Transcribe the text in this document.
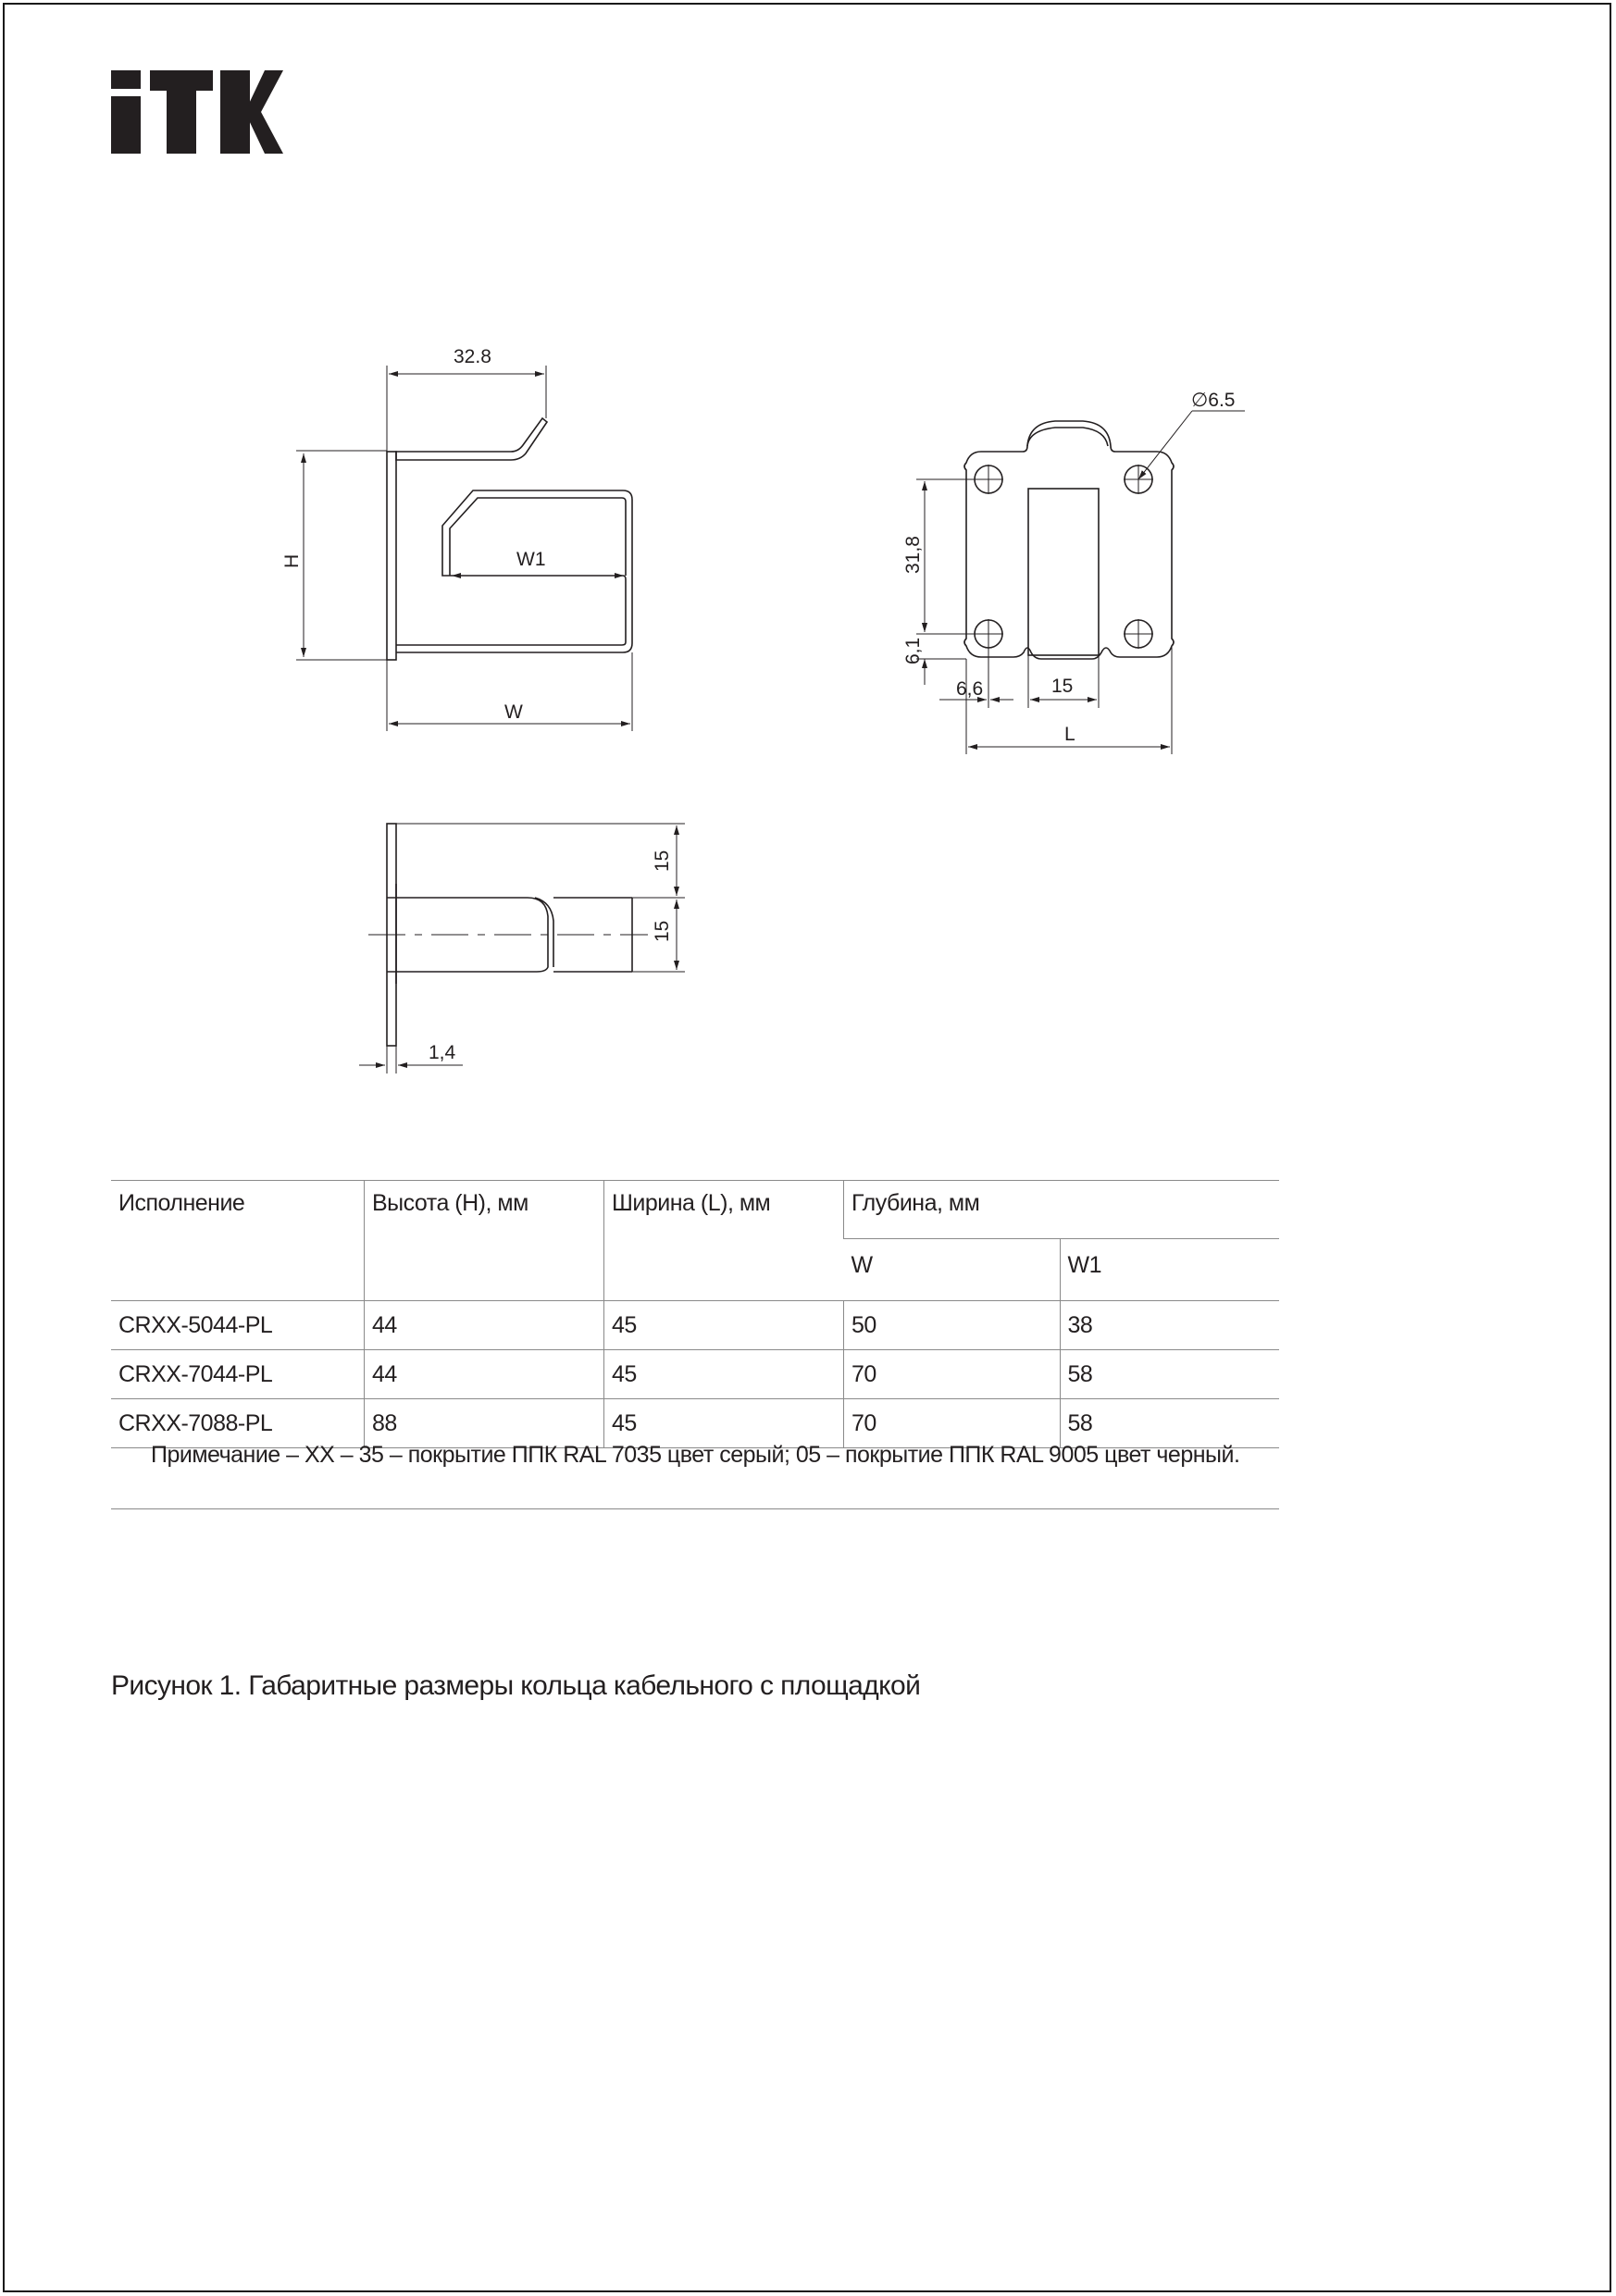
32.8
H	W1
W
∅6.5
31,8
6,1
6,6	15
L
15
15
1,4
Исполнение	Высота (H), мм	Ширина (L), мм	Глубина, мм	
			W	W1
CRXX-5044-PL	44	45	50	38
CRXX-7044-PL	44	45	70	58
CRXX-7088-PL	88	45	70	58
Примечание – ХХ – 35 – покрытие ППК RAL 7035 цвет серый; 05 – покрытие ППК RAL 9005 цвет черный.
Рисунок 1. Габаритные размеры кольца кабельного с площадкой
